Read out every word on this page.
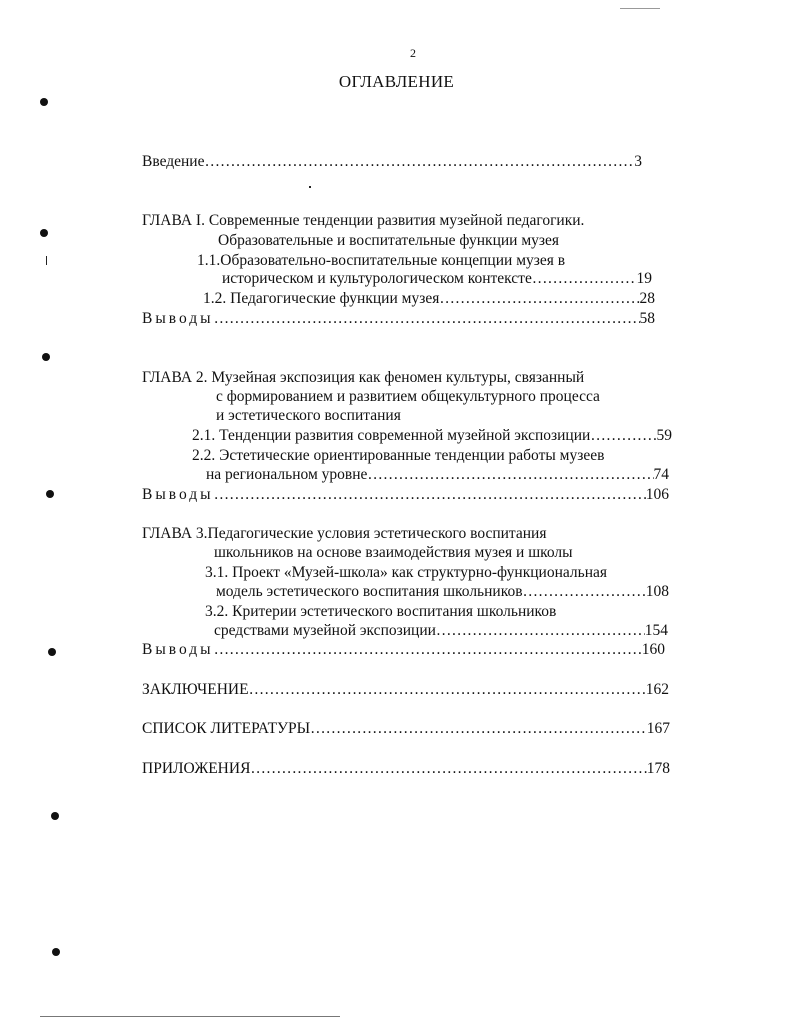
2
ОГЛАВЛЕНИЕ
Введение ……………………………………………………………………………………………………………………………………………………………………………………	3
ГЛАВА I. Современные тенденции развития музейной педагогики.
Образовательные и воспитательные функции музея
1.1.Образовательно-воспитательные концепции музея в
историческом и культурологическом контексте ……………………………………………………………………………………………………………………………………………………………………………………	19
1.2. Педагогические функции музея ……………………………………………………………………………………………………………………………………………………………………………………	28
Выводы ……………………………………………………………………………………………………………………………………………………………………………………	58
ГЛАВА 2. Музейная экспозиция как феномен культуры, связанный
с формированием и развитием общекультурного процесса
и эстетического воспитания
2.1. Тенденции развития современной музейной экспозиции ……………………………………………………………………………………………………………………………………………………………………………………	59
2.2. Эстетические ориентированные тенденции работы музеев
на региональном уровне ……………………………………………………………………………………………………………………………………………………………………………………	74
Выводы ……………………………………………………………………………………………………………………………………………………………………………………	106
ГЛАВА 3.Педагогические условия эстетического воспитания
школьников на основе взаимодействия музея и школы
3.1. Проект «Музей-школа» как структурно-функциональная
модель эстетического воспитания школьников ……………………………………………………………………………………………………………………………………………………………………………………	108
3.2. Критерии эстетического воспитания школьников
средствами музейной экспозиции ……………………………………………………………………………………………………………………………………………………………………………………	154
Выводы ……………………………………………………………………………………………………………………………………………………………………………………	160
ЗАКЛЮЧЕНИЕ ……………………………………………………………………………………………………………………………………………………………………………………	162
СПИСОК ЛИТЕРАТУРЫ ……………………………………………………………………………………………………………………………………………………………………………………	167
ПРИЛОЖЕНИЯ ……………………………………………………………………………………………………………………………………………………………………………………	178
